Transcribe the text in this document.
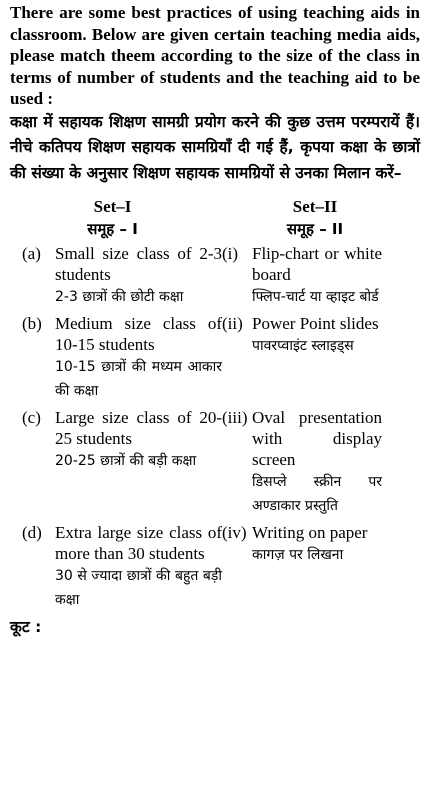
There are some best practices of using teaching aids in classroom. Below are given certain teaching media aids, please match theem according to the size of the class in terms of number of students and the teaching aid to be used :

कक्षा में सहायक शिक्षण सामग्री प्रयोग करने की कुछ उत्तम परम्परायें हैं। नीचे कतिपय शिक्षण सहायक सामग्रियाँ दी गई हैं, कृपया कक्षा के छात्रों की संख्या के अनुसार शिक्षण सहायक सामग्रियों से उनका मिलान करें–

Set–I
समूह – I
Set–II
समूह – II
(a) Small size class of 2-3 students
2-3 छात्रों की छोटी कक्षा
(i) Flip-chart or white board
फ्लिप-चार्ट या व्हाइट बोर्ड
(b) Medium size class of 10-15 students
10-15 छात्रों की मध्यम आकार की कक्षा
(ii) Power Point slides
पावरप्वाइंट स्लाइड्स
(c) Large size class of 20-25 students
20-25 छात्रों की बड़ी कक्षा
(iii) Oval presentation with display screen
डिसप्ले स्क्रीन पर अण्डाकार प्रस्तुति
(d) Extra large size class of more than 30 students
30 से ज्यादा छात्रों की बहुत बड़ी कक्षा
(iv) Writing on paper
कागज़ पर लिखना
कूट :
